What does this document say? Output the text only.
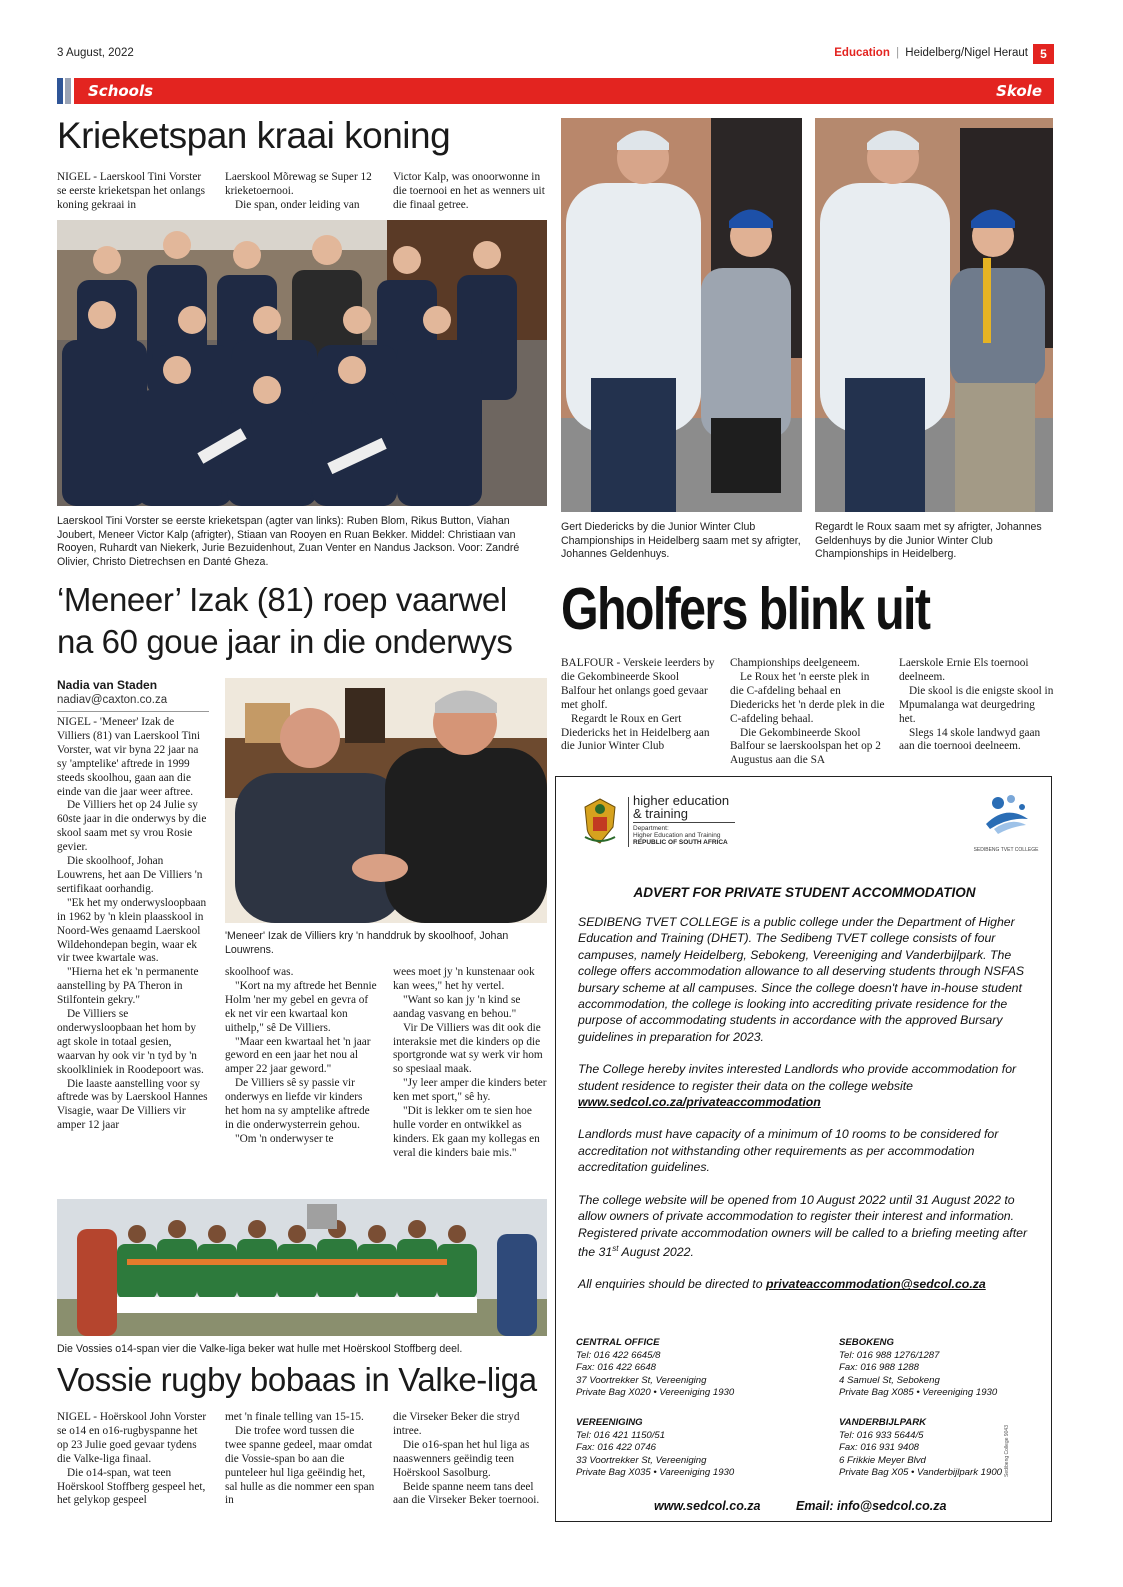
3 August, 2022	Education | Heidelberg/Nigel Heraut	5
Schools	Skole
Krieketspan kraai koning

NIGEL - Laerskool Tini Vorster se eerste krieketspan het onlangs koning gekraai in

Laerskool Mõrewag se Super 12 krieketoernooi.

Die span, onder leiding van

Victor Kalp, was onoorwonne in die toernooi en het as wenners uit die finaal getree.

Laerskool Tini Vorster se eerste krieketspan (agter van links): Ruben Blom, Rikus Button, Viahan Joubert, Meneer Victor Kalp (afrigter), Stiaan van Rooyen en Ruan Bekker. Middel: Christiaan van Rooyen, Ruhardt van Niekerk, Jurie Bezuidenhout, Zuan Venter en Nandus Jackson. Voor: Zandré Olivier, Christo Dietrechsen en Danté Gheza.
Gert Diedericks by die Junior Winter Club Championships in Heidelberg saam met sy afrigter, Johannes Geldenhuys.
Regardt le Roux saam met sy afrigter, Johannes Geldenhuys by die Junior Winter Club Championships in Heidelberg.
Gholfers blink uit

BALFOUR - Verskeie leerders by die Gekombineerde Skool Balfour het onlangs goed gevaar met gholf.

Regardt le Roux en Gert Diedericks het in Heidelberg aan die Junior Winter Club

Championships deelgeneem.

Le Roux het 'n eerste plek in die C-afdeling behaal en Diedericks het 'n derde plek in die C-afdeling behaal.

Die Gekombineerde Skool Balfour se laerskoolspan het op 2 Augustus aan die SA

Laerskole Ernie Els toernooi deelneem.

Die skool is die enigste skool in Mpumalanga wat deurgedring het.

Slegs 14 skole landwyd gaan aan die toernooi deelneem.

‘Meneer’ Izak (81) roep vaarwel
na 60 goue jaar in die onderwys
Nadia van Staden
nadiav@caxton.co.za

NIGEL - 'Meneer' Izak de Villiers (81) van Laerskool Tini Vorster, wat vir byna 22 jaar na sy 'amptelike' aftrede in 1999 steeds skoolhou, gaan aan die einde van die jaar weer aftree.

De Villiers het op 24 Julie sy 60ste jaar in die onderwys by die skool saam met sy vrou Rosie gevier.

Die skoolhoof, Johan Louwrens, het aan De Villiers 'n sertifikaat oorhandig.

"Ek het my onderwysloopbaan in 1962 by 'n klein plaasskool in Noord-Wes genaamd Laerskool Wildehondepan begin, waar ek vir twee kwartale was.

"Hierna het ek 'n permanente aanstelling by PA Theron in Stilfontein gekry."

De Villiers se onderwysloopbaan het hom by agt skole in totaal gesien, waarvan hy ook vir 'n tyd by 'n skoolkliniek in Roodepoort was.

Die laaste aanstelling voor sy aftrede was by Laerskool Hannes Visagie, waar De Villiers vir amper 12 jaar

'Meneer' Izak de Villiers kry 'n handdruk by skoolhoof, Johan Louwrens.

skoolhoof was.

"Kort na my aftrede het Bennie Holm 'ner my gebel en gevra of ek net vir een kwartaal kon uithelp," sê De Villiers.

"Maar een kwartaal het 'n jaar geword en een jaar het nou al amper 22 jaar geword."

De Villiers sê sy passie vir onderwys en liefde vir kinders het hom na sy amptelike aftrede in die onderwysterrein gehou.

"Om 'n onderwyser te

wees moet jy 'n kunstenaar ook kan wees," het hy vertel.

"Want so kan jy 'n kind se aandag vasvang en behou."

Vir De Villiers was dit ook die interaksie met die kinders op die sportgronde wat sy werk vir hom so spesiaal maak.

"Jy leer amper die kinders beter ken met sport," sê hy.

"Dit is lekker om te sien hoe hulle vorder en ontwikkel as kinders. Ek gaan my kollegas en veral die kinders baie mis."

Die Vossies o14-span vier die Valke-liga beker wat hulle met Hoërskool Stoffberg deel.
Vossie rugby bobaas in Valke-liga

NIGEL - Hoërskool John Vorster se o14 en o16-rugbyspanne het op 23 Julie goed gevaar tydens die Valke-liga finaal.

Die o14-span, wat teen Hoërskool Stoffberg gespeel het, het gelykop gespeel

met 'n finale telling van 15-15.

Die trofee word tussen die twee spanne gedeel, maar omdat die Vossie-span bo aan die punteleer hul liga geëindig het, sal hulle as die nommer een span in

die Virseker Beker die stryd intree.

Die o16-span het hul liga as naaswenners geëindig teen Hoërskool Sasolburg.

Beide spanne neem tans deel aan die Virseker Beker toernooi.

higher education
& training
Department:
Higher Education and Training
REPUBLIC OF SOUTH AFRICA
SEDIBENG TVET COLLEGE
ADVERT FOR PRIVATE STUDENT ACCOMMODATION

SEDIBENG TVET COLLEGE is a public college under the Department of Higher Education and Training (DHET). The Sedibeng TVET college consists of four campuses, namely Heidelberg, Sebokeng, Vereeniging and Vanderbijlpark. The college offers accommodation allowance to all deserving students through NSFAS bursary scheme at all campuses. Since the college doesn't have in-house student accommodation, the college is looking into accrediting private residence for the purpose of accommodating students in accordance with the approved Bursary guidelines in preparation for 2023.

The College hereby invites interested Landlords who provide accommodation for student residence to register their data on the college website www.sedcol.co.za/privateaccommodation

Landlords must have capacity of a minimum of 10 rooms to be considered for accreditation not withstanding other requirements as per accommodation accreditation guidelines.

The college website will be opened from 10 August 2022 until 31 August 2022 to allow owners of private accommodation to register their interest and information. Registered private accommodation owners will be called to a briefing meeting after the 31st August 2022.

All enquiries should be directed to privateaccommodation@sedcol.co.za

CENTRAL OFFICE
Tel: 016 422 6645/8
Fax: 016 422 6648
37 Voortrekker St, Vereeniging
Private Bag X020 • Vereeniging 1930
SEBOKENG
Tel: 016 988 1276/1287
Fax: 016 988 1288
4 Samuel St, Sebokeng
Private Bag X085 • Vereeniging 1930
VEREENIGING
Tel: 016 421 1150/51
Fax: 016 422 0746
33 Voortrekker St, Vereeniging
Private Bag X035 • Vareeniging 1930
VANDERBIJLPARK
Tel: 016 933 5644/5
Fax: 016 931 9408
6 Frikkie Meyer Blvd
Private Bag X05 • Vanderbijlpark 1900
www.sedcol.co.za	Email: info@sedcol.co.za
Sedibeng College 9043
